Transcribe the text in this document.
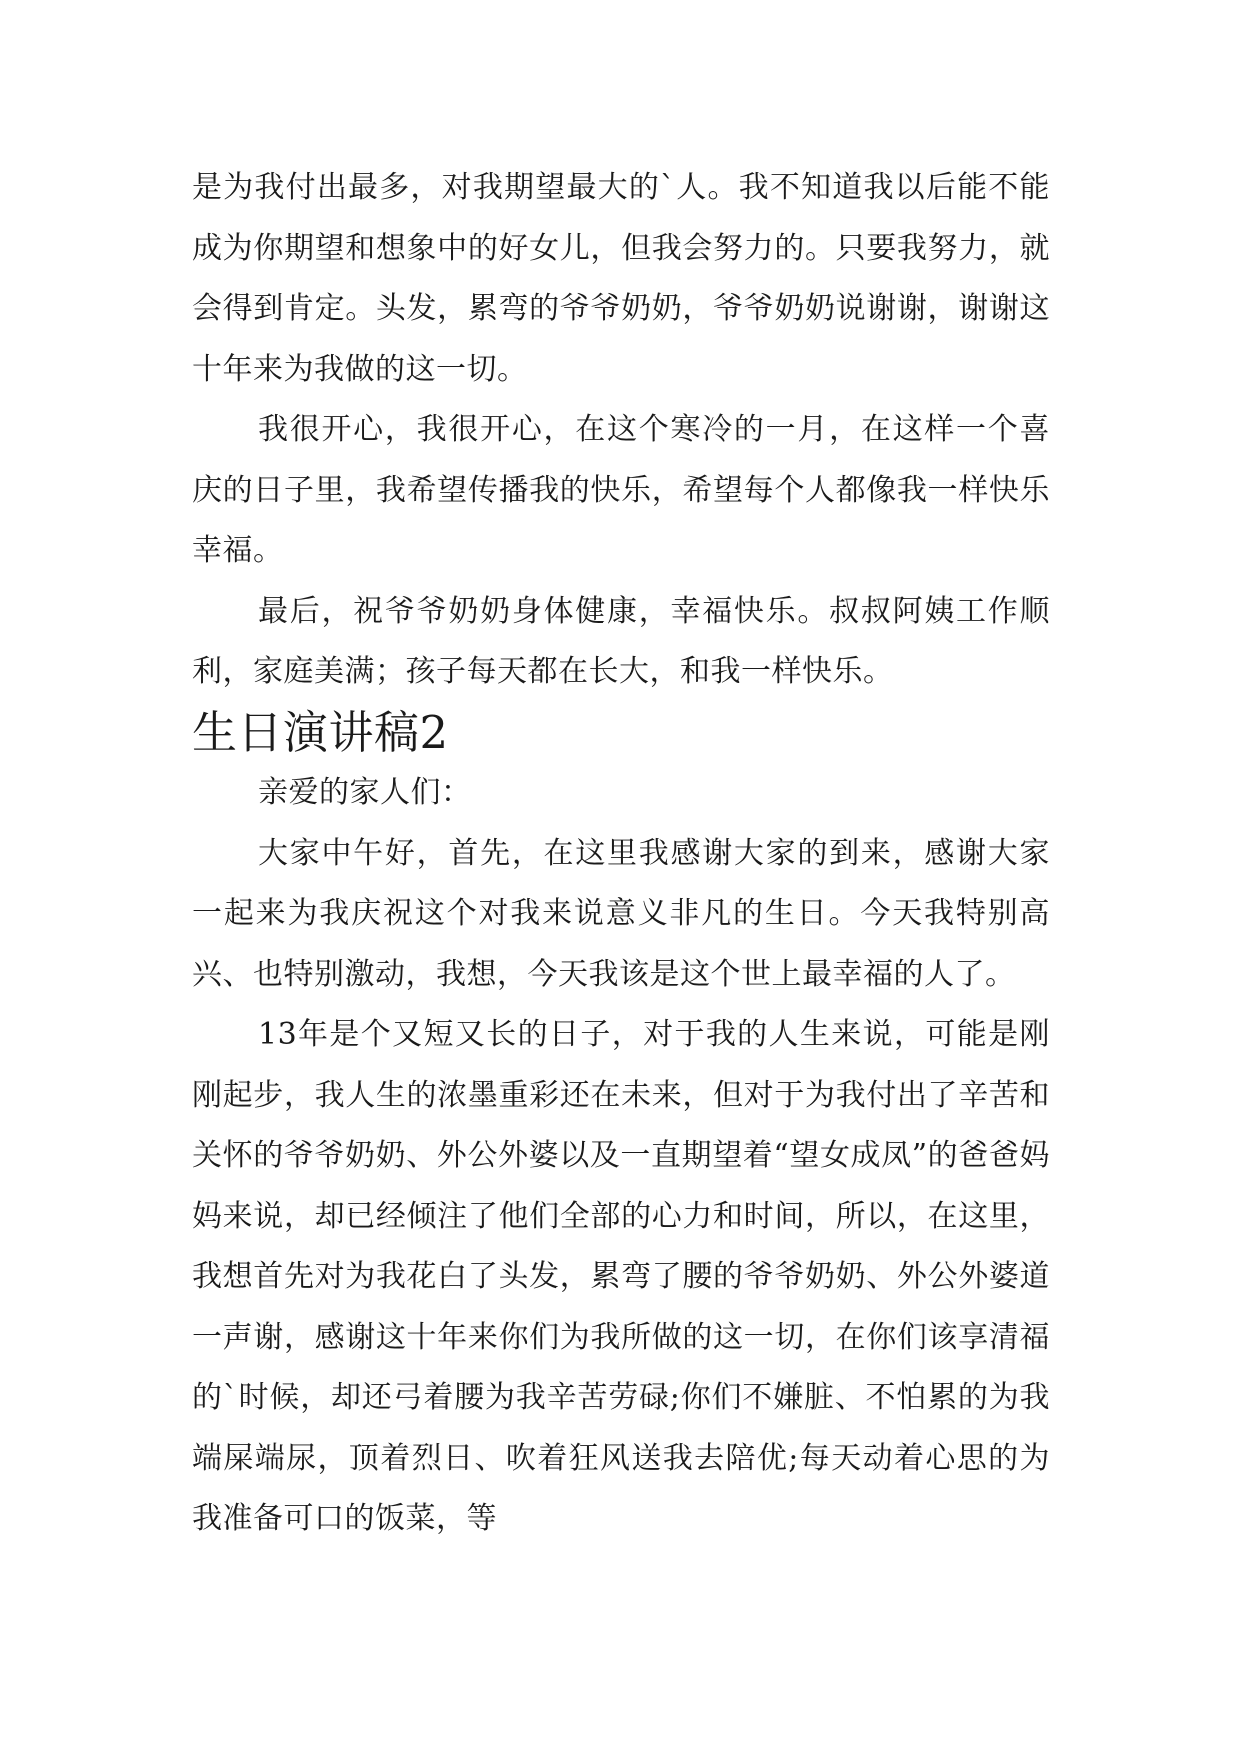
是为我付出最多，对我期望最大的`人。我不知道我以后能不能成为你期望和想象中的好女儿，但我会努力的。只要我努力，就会得到肯定。头发，累弯的爷爷奶奶，爷爷奶奶说谢谢，谢谢这十年来为我做的这一切。

我很开心，我很开心，在这个寒冷的一月，在这样一个喜庆的日子里，我希望传播我的快乐，希望每个人都像我一样快乐幸福。

最后，祝爷爷奶奶身体健康，幸福快乐。叔叔阿姨工作顺利，家庭美满；孩子每天都在长大，和我一样快乐。

生日演讲稿2

亲爱的家人们：

大家中午好，首先，在这里我感谢大家的到来，感谢大家一起来为我庆祝这个对我来说意义非凡的生日。今天我特别高兴、也特别激动，我想，今天我该是这个世上最幸福的人了。

13年是个又短又长的日子，对于我的人生来说，可能是刚刚起步，我人生的浓墨重彩还在未来，但对于为我付出了辛苦和关怀的爷爷奶奶、外公外婆以及一直期望着“望女成凤”的爸爸妈妈来说，却已经倾注了他们全部的心力和时间，所以，在这里，我想首先对为我花白了头发，累弯了腰的爷爷奶奶、外公外婆道一声谢，感谢这十年来你们为我所做的这一切，在你们该享清福的`时候，却还弓着腰为我辛苦劳碌;你们不嫌脏、不怕累的为我端屎端尿，顶着烈日、吹着狂风送我去陪优;每天动着心思的为我准备可口的饭菜，等
